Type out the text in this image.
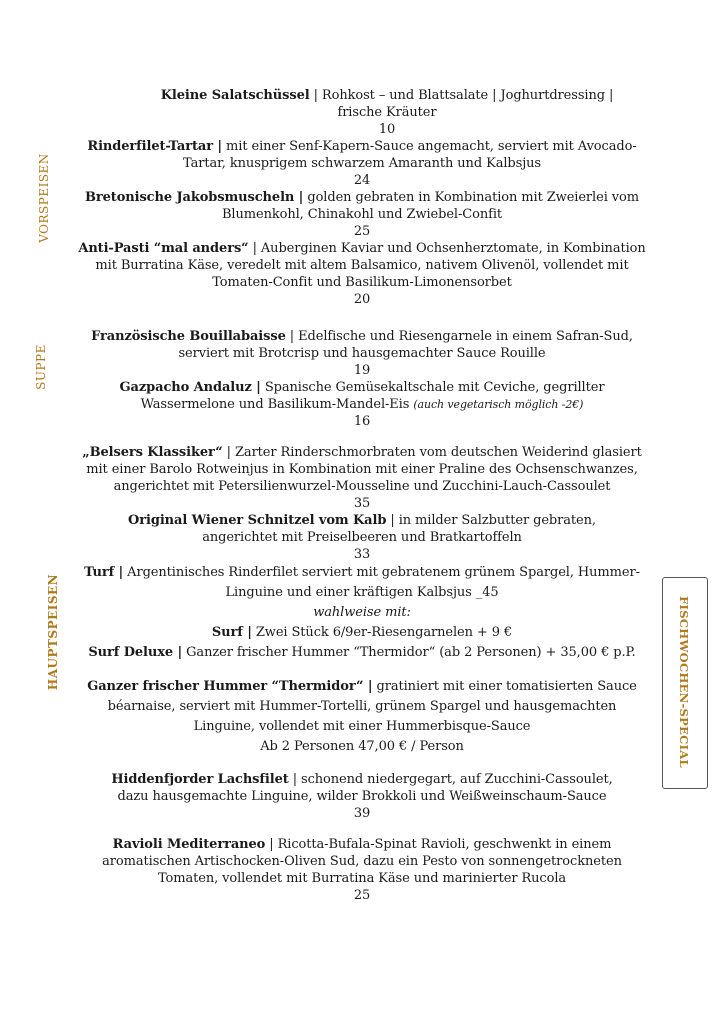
VORSPEISEN
SUPPE
HAUPTSPEISEN	FISCHWOCHEN-SPECIAL

Kleine Salatschüssel | Rohkost – und Blattsalate | Joghurtdressing | frische Kräuter
10

Rinderfilet-Tartar | mit einer Senf-Kapern-Sauce angemacht, serviert mit Avocado-Tartar, knusprigem schwarzem Amaranth und Kalbsjus
24

Bretonische Jakobsmuscheln | golden gebraten in Kombination mit Zweierlei vom Blumenkohl, Chinakohl und Zwiebel-Confit
25

Anti-Pasti “mal anders“ | Auberginen Kaviar und Ochsenherztomate, in Kombination mit Burratina Käse, veredelt mit altem Balsamico, nativem Olivenöl, vollendet mit Tomaten-Confit und Basilikum-Limonensorbet
20

Französische Bouillabaisse | Edelfische und Riesengarnele in einem Safran-Sud, serviert mit Brotcrisp und hausgemachter Sauce Rouille
19

Gazpacho Andaluz | Spanische Gemüsekaltschale mit Ceviche, gegrillter Wassermelone und Basilikum-Mandel-Eis (auch vegetarisch möglich -2€)
16

„Belsers Klassiker“ | Zarter Rinderschmorbraten vom deutschen Weiderind glasiert mit einer Barolo Rotweinjus in Kombination mit einer Praline des Ochsenschwanzes, angerichtet mit Petersilienwurzel-Mousseline und Zucchini-Lauch-Cassoulet
35

Original Wiener Schnitzel vom Kalb | in milder Salzbutter gebraten, angerichtet mit Preiselbeeren und Bratkartoffeln
33

Turf | Argentinisches Rinderfilet serviert mit gebratenem grünem Spargel, Hummer-Linguine und einer kräftigen Kalbsjus _45
wahlweise mit:

Surf | Zwei Stück 6/9er-Riesengarnelen + 9 €

Surf Deluxe | Ganzer frischer Hummer “Thermidor“ (ab 2 Personen) + 35,00 € p.P.

Ganzer frischer Hummer “Thermidor“ | gratiniert mit einer tomatisierten Sauce béarnaise, serviert mit Hummer-Tortelli, grünem Spargel und hausgemachten Linguine, vollendet mit einer Hummerbisque-Sauce
Ab 2 Personen 47,00 € / Person

Hiddenfjorder Lachsfilet | schonend niedergegart, auf Zucchini-Cassoulet, dazu hausgemachte Linguine, wilder Brokkoli und Weißweinschaum-Sauce
39

Ravioli Mediterraneo | Ricotta-Bufala-Spinat Ravioli, geschwenkt in einem aromatischen Artischocken-Oliven Sud, dazu ein Pesto von sonnengetrockneten Tomaten, vollendet mit Burratina Käse und marinierter Rucola
25
